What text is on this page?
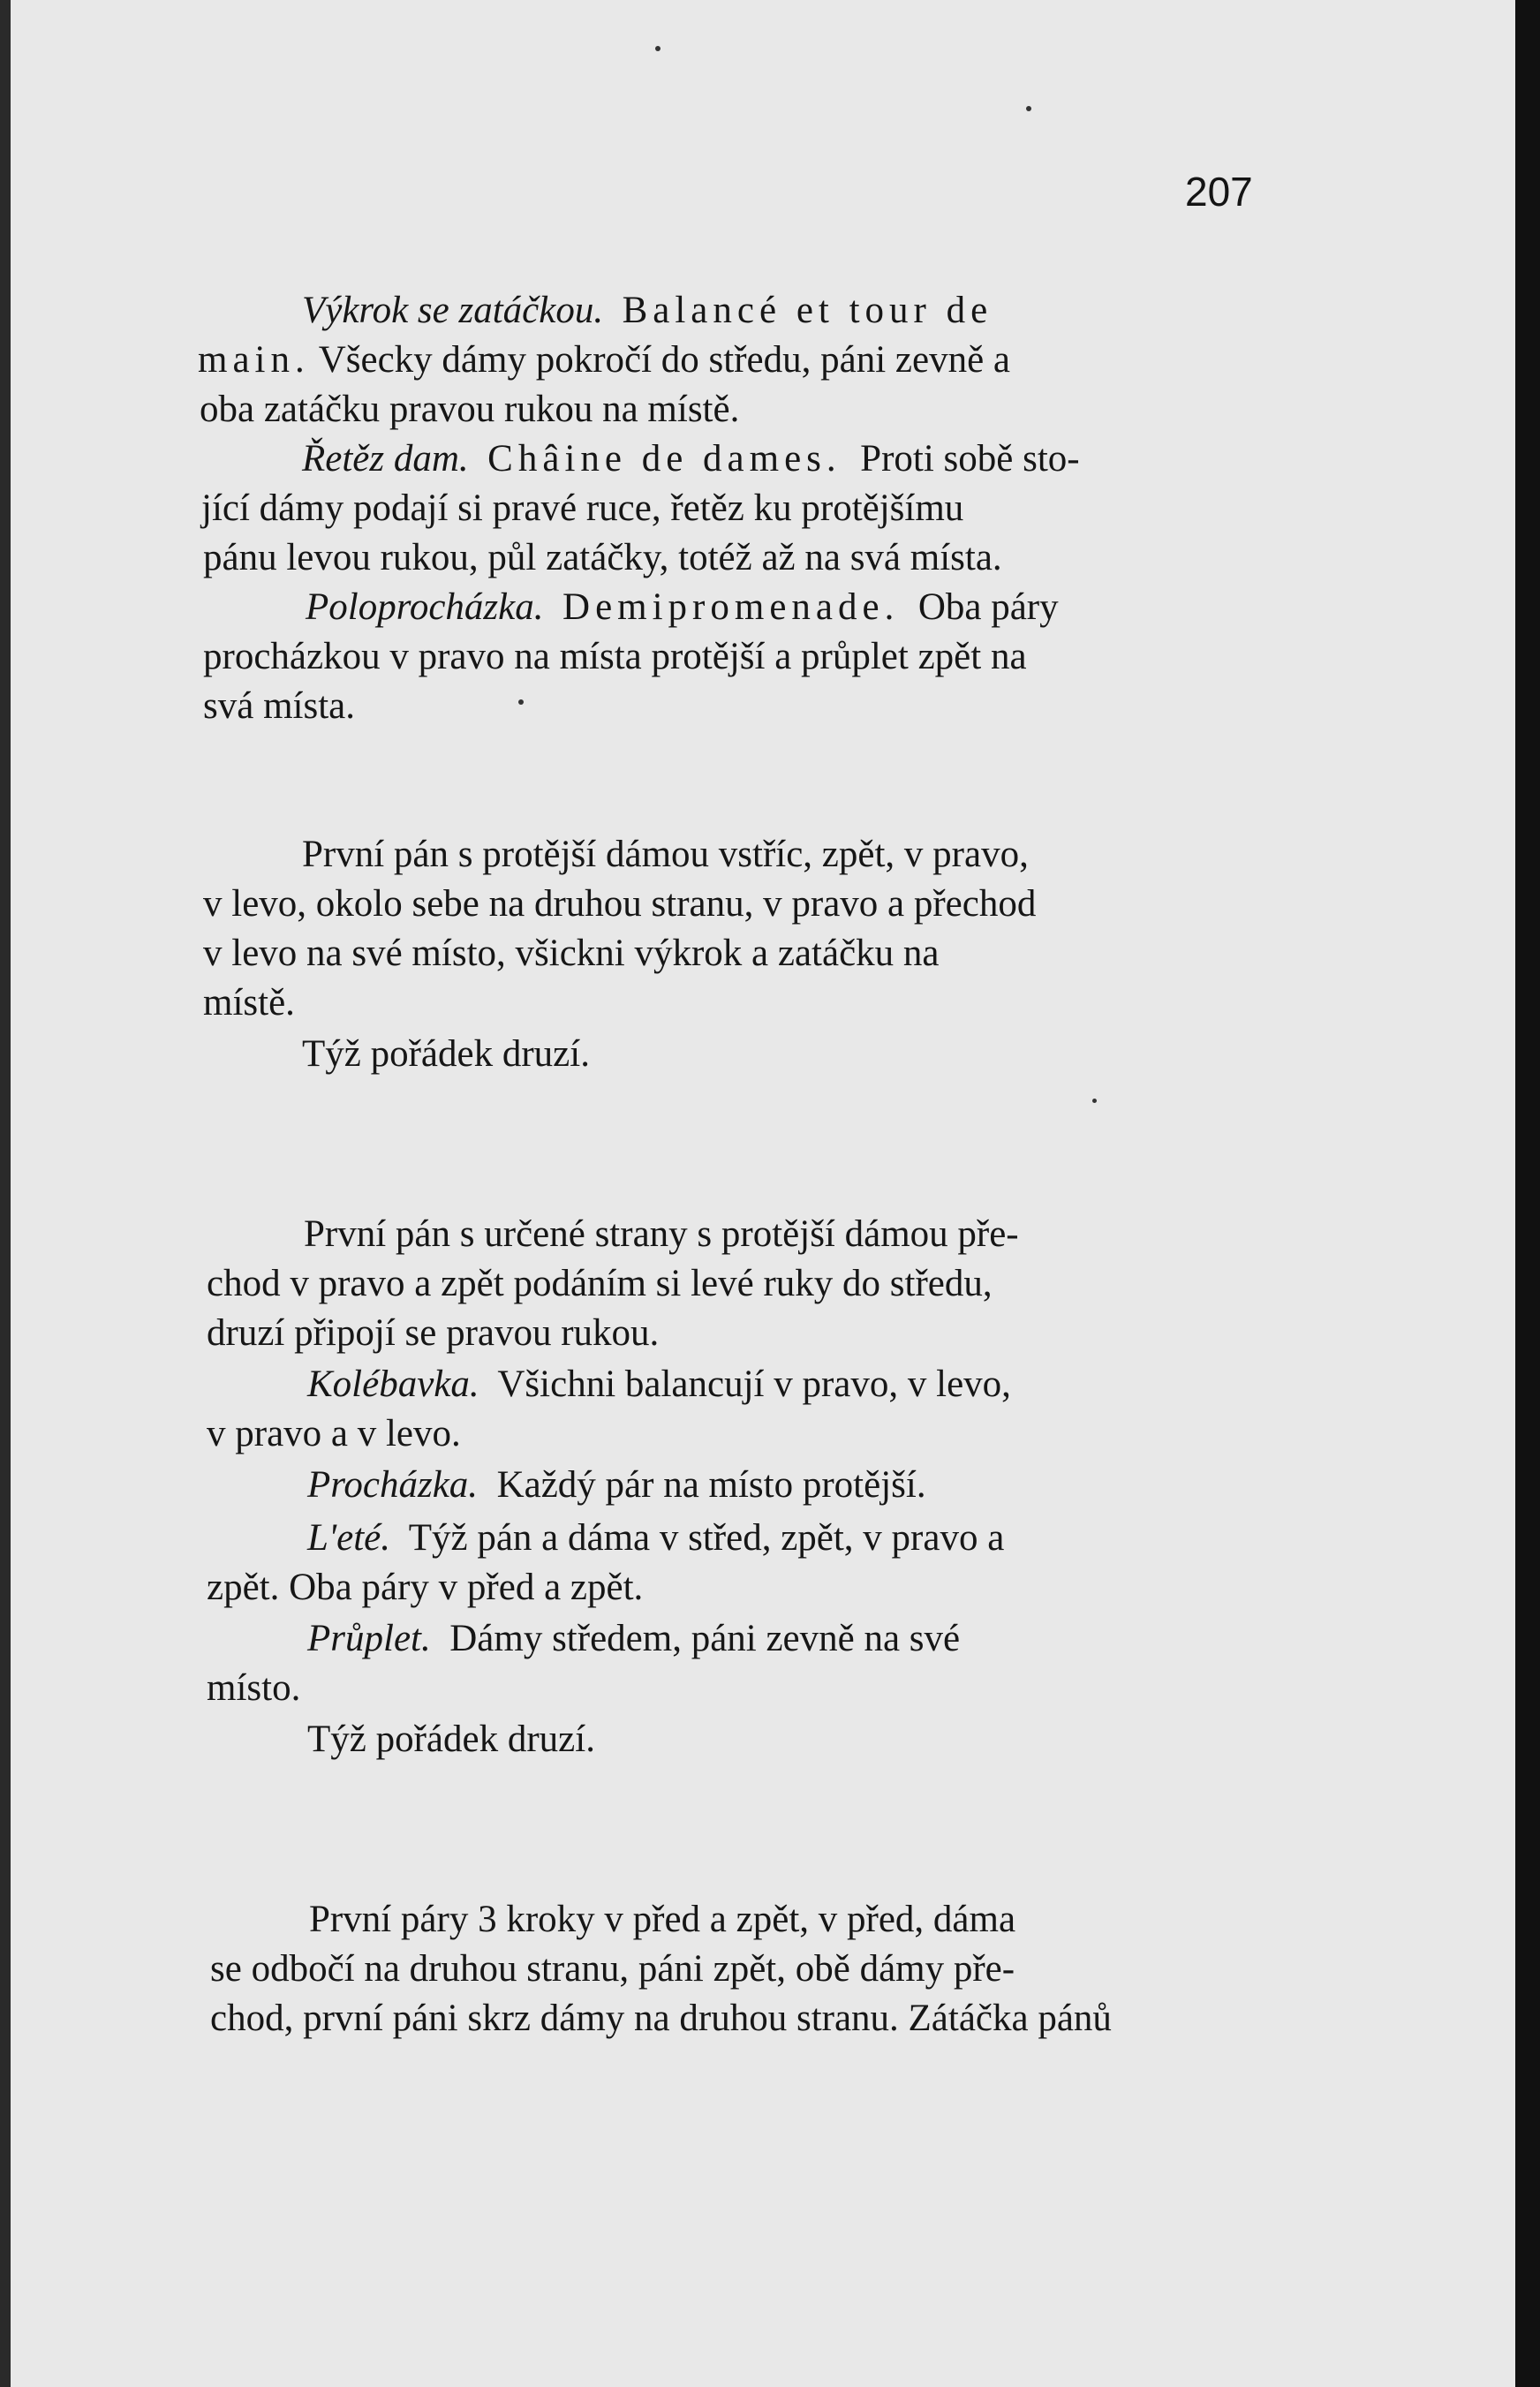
207
Výkrok se zatáčkou. Balancé et tour de
main. Všecky dámy pokročí do středu, páni zevně a
oba zatáčku pravou rukou na místě.
Řetěz dam. Châine de dames. Proti sobě sto-
jící dámy podají si pravé ruce, řetěz ku protějšímu
pánu levou rukou, půl zatáčky, totéž až na svá místa.
Poloprocházka. Demipromenade. Oba páry
procházkou v pravo na místa protější a průplet zpět na
svá místa.
První pán s protější dámou vstříc, zpět, v pravo,
v levo, okolo sebe na druhou stranu, v pravo a přechod
v levo na své místo, všickni výkrok a zatáčku na
místě.
Týž pořádek druzí.
První pán s určené strany s protější dámou pře-
chod v pravo a zpět podáním si levé ruky do středu,
druzí připojí se pravou rukou.
Kolébavka. Všichni balancují v pravo, v levo,
v pravo a v levo.
Procházka. Každý pár na místo protější.
L'eté. Týž pán a dáma v střed, zpět, v pravo a
zpět. Oba páry v před a zpět.
Průplet. Dámy středem, páni zevně na své
místo.
Týž pořádek druzí.
První páry 3 kroky v před a zpět, v před, dáma
se odbočí na druhou stranu, páni zpět, obě dámy pře-
chod, první páni skrz dámy na druhou stranu. Zátáčka pánů
